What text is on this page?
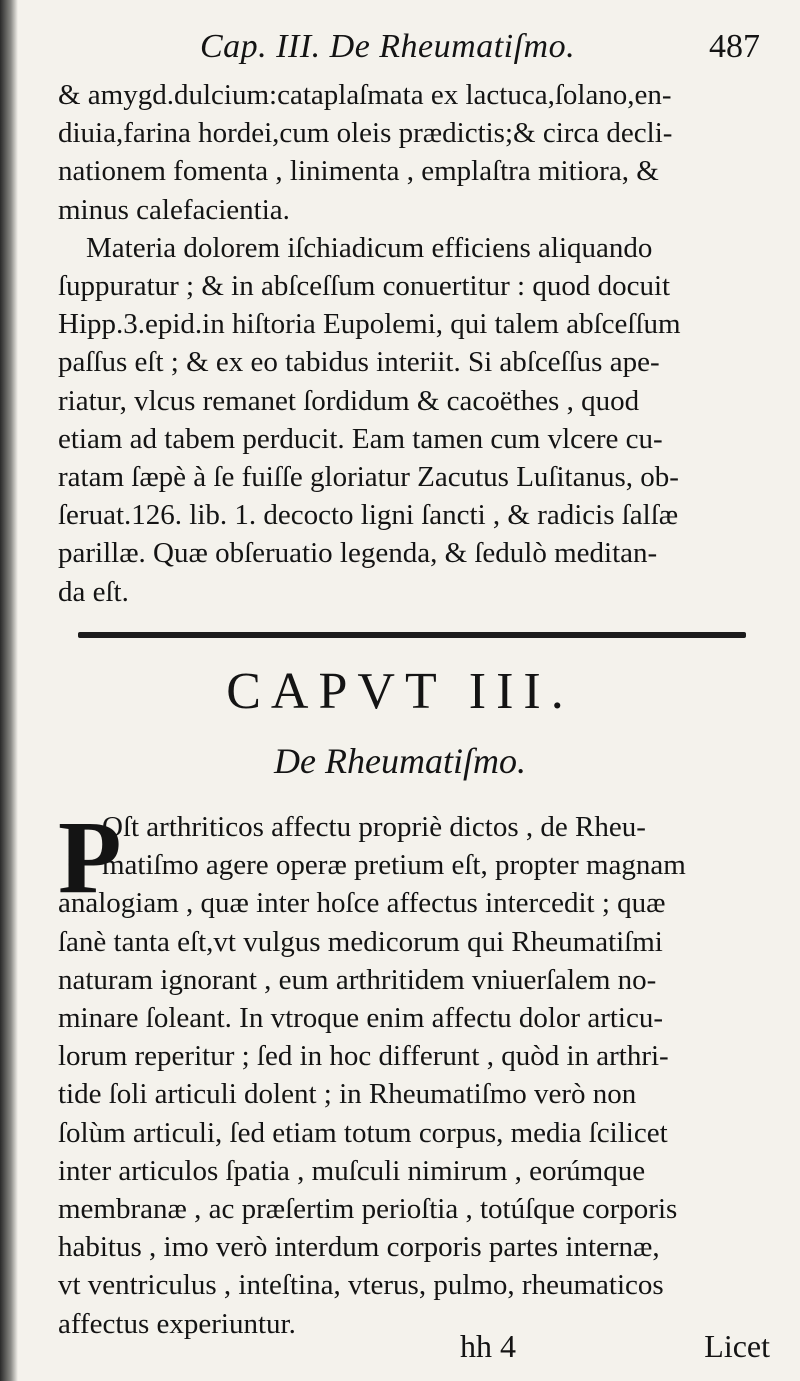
Cap. III. De Rheumatiſmo.	487
& amygd.dulcium:cataplaſmata ex lactuca,ſolano,en-
diuia,farina hordei,cum oleis prædictis;& circa decli-
nationem fomenta , linimenta , emplaſtra mitiora, &
minus calefacientia.
Materia dolorem iſchiadicum efficiens aliquando
ſuppuratur ; & in abſceſſum conuertitur : quod docuit
Hipp.3.epid.in hiſtoria Eupolemi, qui talem abſceſſum
paſſus eſt ; & ex eo tabidus interiit. Si abſceſſus ape-
riatur, vlcus remanet ſordidum & cacoëthes , quod
etiam ad tabem perducit. Eam tamen cum vlcere cu-
ratam ſæpè à ſe fuiſſe gloriatur Zacutus Luſitanus, ob-
ſeruat.126. lib. 1. decocto ligni ſancti , & radicis ſalſæ
parillæ. Quæ obſeruatio legenda, & ſedulò meditan-
da eſt.
CAPVT III.
De Rheumatiſmo.
P
Oſt arthriticos affectu propriè dictos , de Rheu-
matiſmo agere operæ pretium eſt, propter magnam
analogiam , quæ inter hoſce affectus intercedit ; quæ
ſanè tanta eſt,vt vulgus medicorum qui Rheumatiſmi
naturam ignorant , eum arthritidem vniuerſalem no-
minare ſoleant. In vtroque enim affectu dolor articu-
lorum reperitur ; ſed in hoc differunt , quòd in arthri-
tide ſoli articuli dolent ; in Rheumatiſmo verò non
ſolùm articuli, ſed etiam totum corpus, media ſcilicet
inter articulos ſpatia , muſculi nimirum , eorúmque
membranæ , ac præſertim perioſtia , totúſque corporis
habitus , imo verò interdum corporis partes internæ,
vt ventriculus , inteſtina, vterus, pulmo, rheumaticos
affectus experiuntur.
hh 4	Licet
